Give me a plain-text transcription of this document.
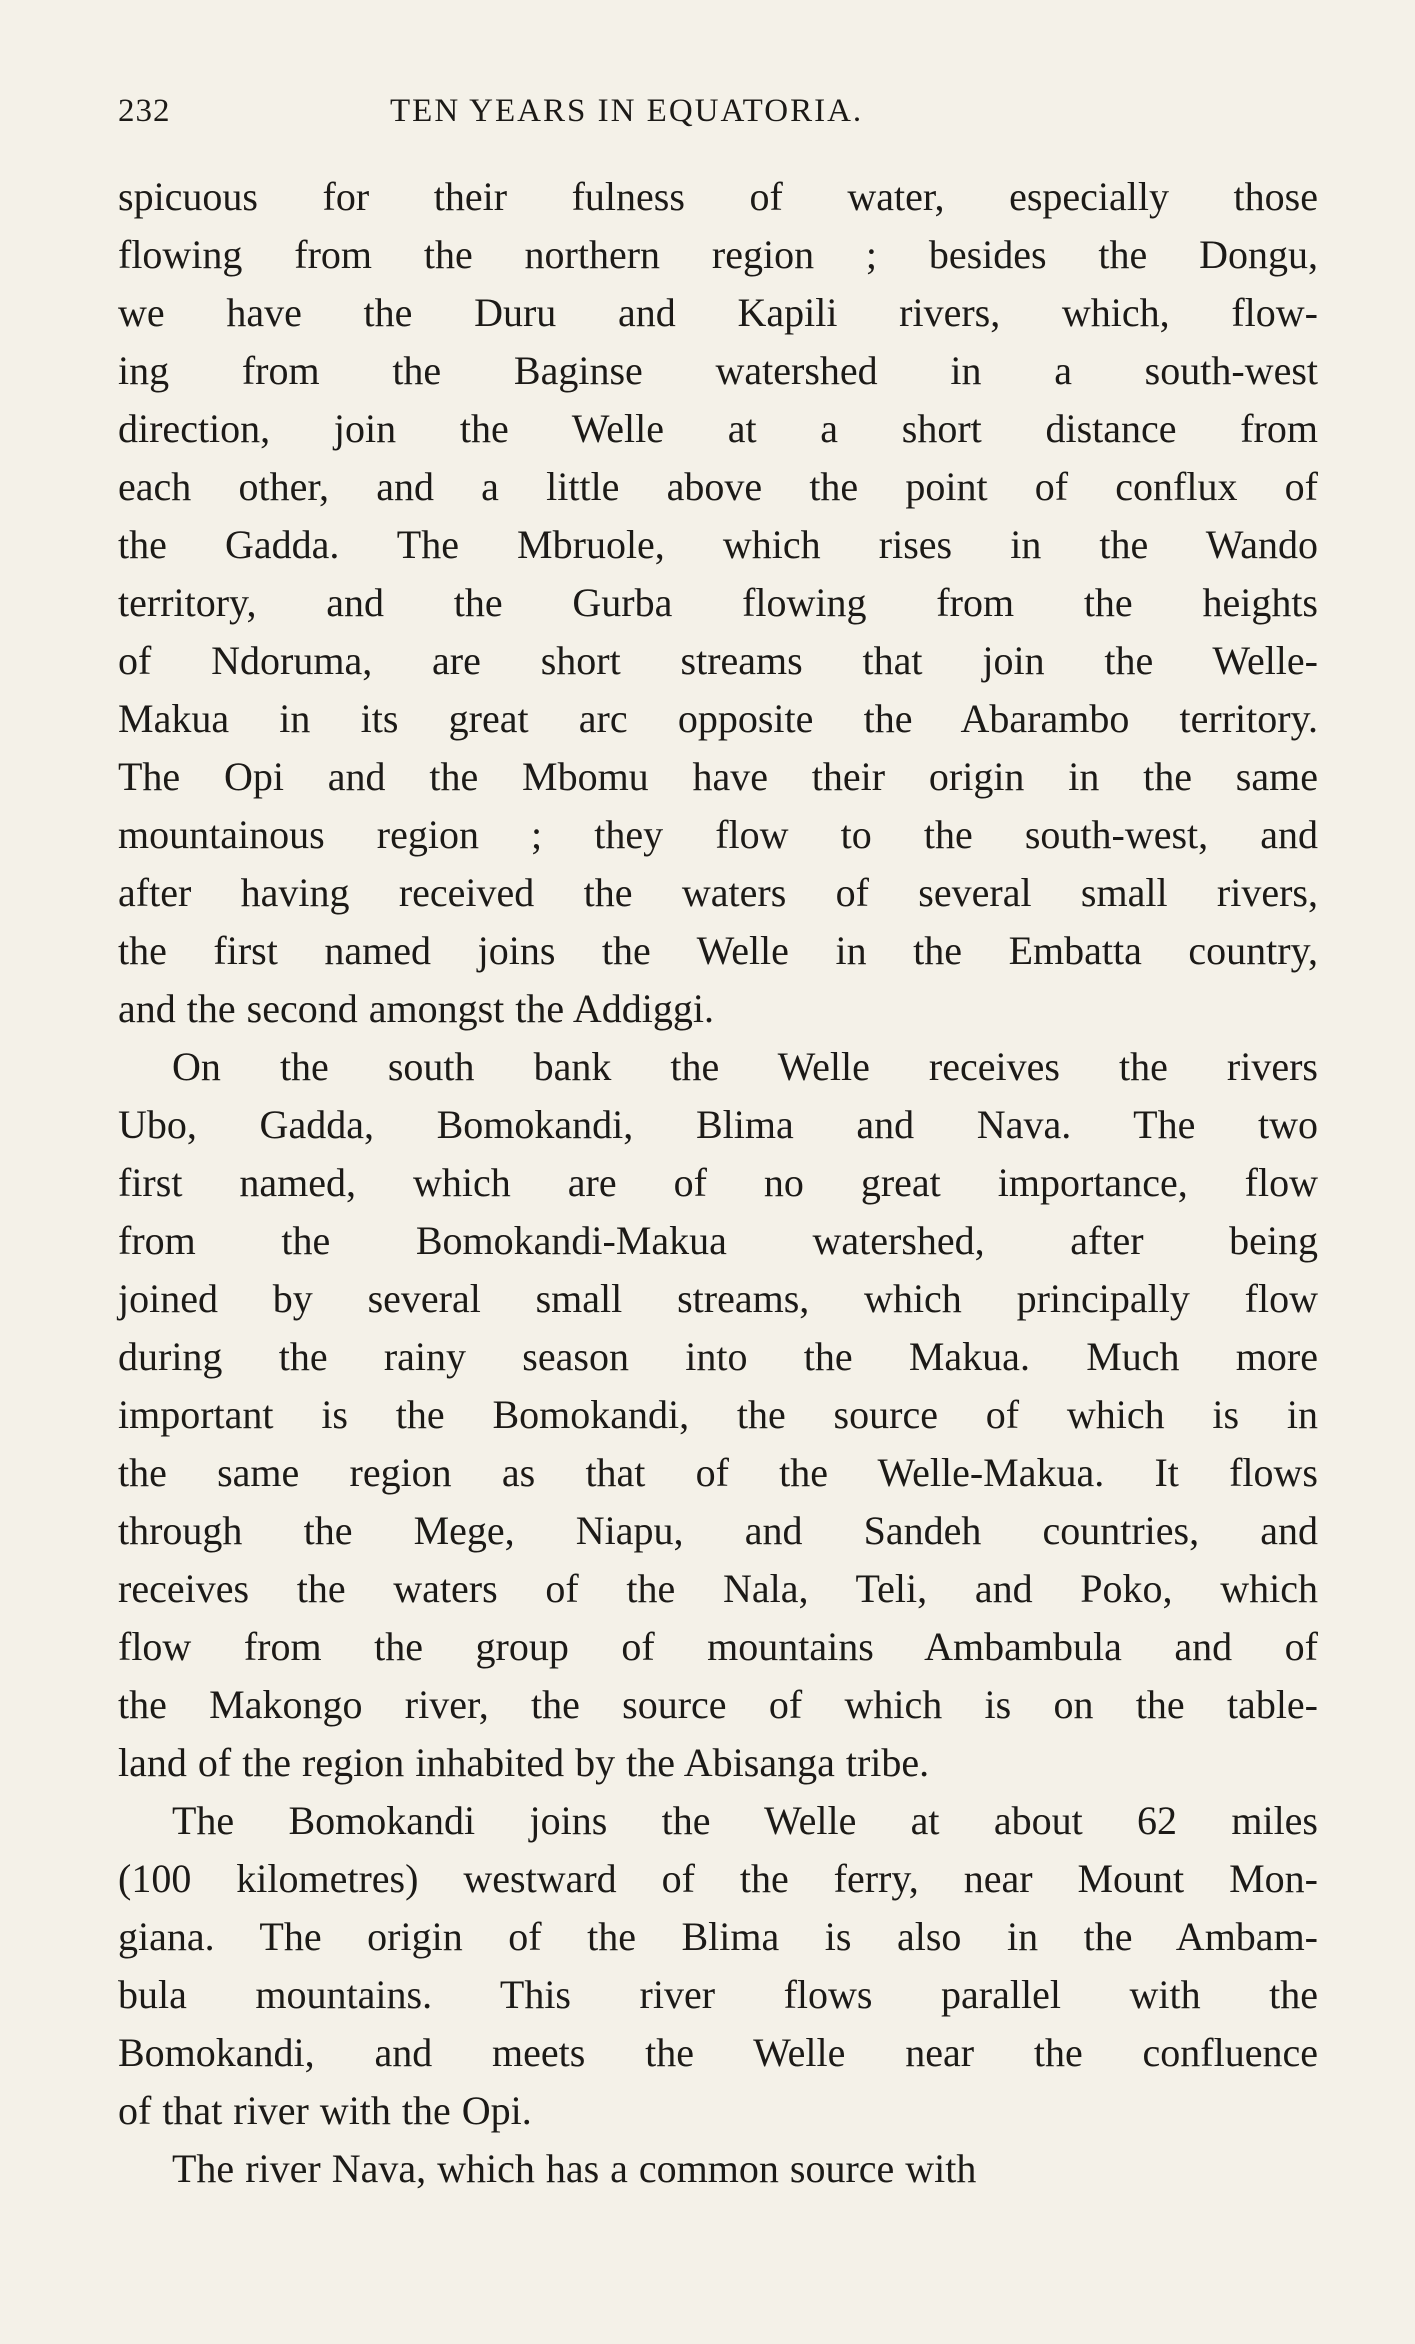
232	TEN YEARS IN EQUATORIA.
spicuous for their fulness of water, especially those
flowing from the northern region ; besides the Dongu,
we have the Duru and Kapili rivers, which, flow-
ing from the Baginse watershed in a south-west
direction, join the Welle at a short distance from
each other, and a little above the point of conflux of
the Gadda. The Mbruole, which rises in the Wando
territory, and the Gurba flowing from the heights
of Ndoruma, are short streams that join the Welle-
Makua in its great arc opposite the Abarambo territory.
The Opi and the Mbomu have their origin in the same
mountainous region ; they flow to the south-west, and
after having received the waters of several small rivers,
the first named joins the Welle in the Embatta country,
and the second amongst the Addiggi.
On the south bank the Welle receives the rivers
Ubo, Gadda, Bomokandi, Blima and Nava. The two
first named, which are of no great importance, flow
from the Bomokandi-Makua watershed, after being
joined by several small streams, which principally flow
during the rainy season into the Makua. Much more
important is the Bomokandi, the source of which is in
the same region as that of the Welle-Makua. It flows
through the Mege, Niapu, and Sandeh countries, and
receives the waters of the Nala, Teli, and Poko, which
flow from the group of mountains Ambambula and of
the Makongo river, the source of which is on the table-
land of the region inhabited by the Abisanga tribe.
The Bomokandi joins the Welle at about 62 miles
(100 kilometres) westward of the ferry, near Mount Mon-
giana. The origin of the Blima is also in the Ambam-
bula mountains. This river flows parallel with the
Bomokandi, and meets the Welle near the confluence
of that river with the Opi.
The river Nava, which has a common source with
